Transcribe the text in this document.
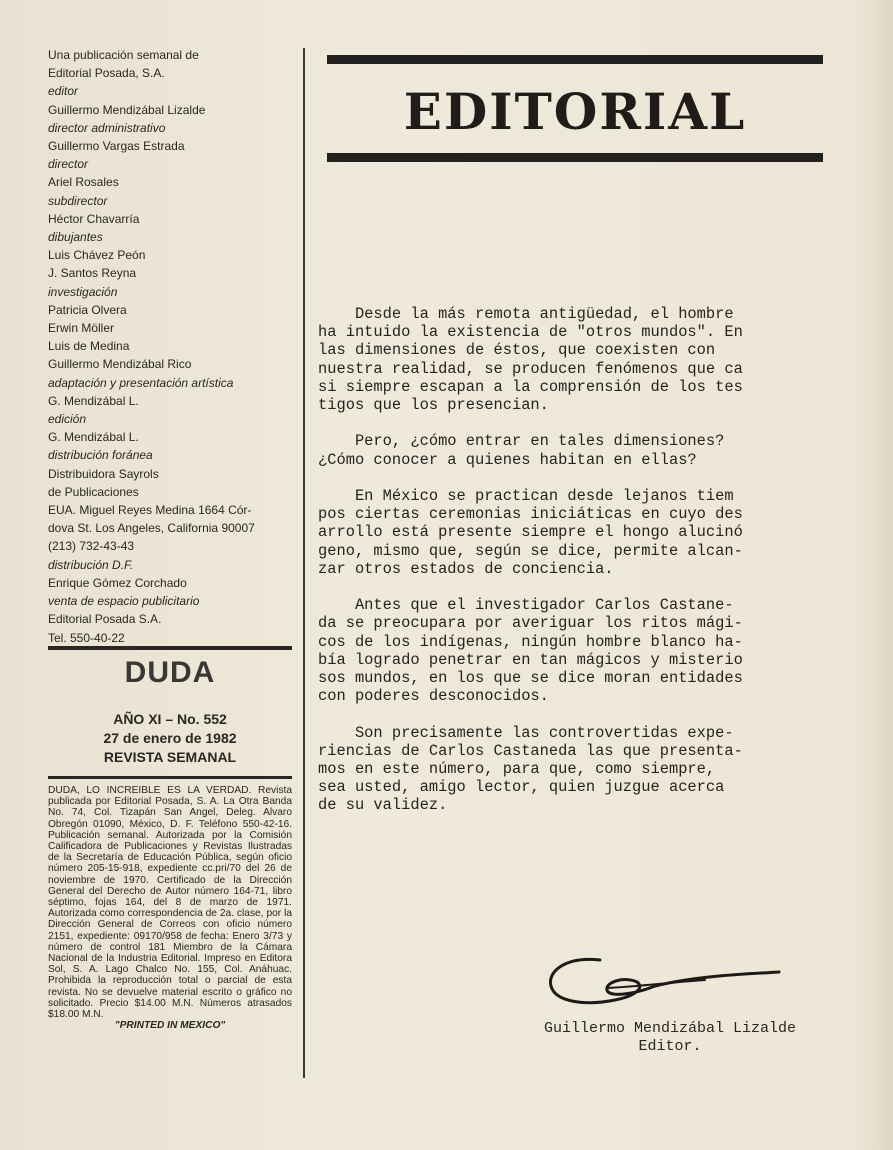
Una publicación semanal de
Editorial Posada, S.A.
editor
Guillermo Mendizábal Lizalde
director administrativo
Guillermo Vargas Estrada
director
Ariel Rosales
subdirector
Héctor Chavarría
dibujantes
Luis Chávez Peón
J. Santos Reyna
investigación
Patricia Olvera
Erwin Möller
Luis de Medina
Guillermo Mendizábal Rico
adaptación y presentación artística
G. Mendizábal L.
edición
G. Mendizábal L.
distribución foránea
Distribuidora Sayrols
de Publicaciones
EUA. Miguel Reyes Medina 1664 Cór-
dova St. Los Angeles, California 90007
(213) 732-43-43
distribución D.F.
Enrique Gómez Corchado
venta de espacio publicitario
Editorial Posada S.A.
Tel. 550-40-22
DUDA
AÑO XI – No. 552
27 de enero de 1982
REVISTA SEMANAL
DUDA, LO INCREIBLE ES LA VERDAD. Revista publicada por Editorial Posada, S. A. La Otra Banda No. 74, Col. Tizapán San Angel, Deleg. Alvaro Obregón 01090, México, D. F. Teléfono 550-42-16. Publicación semanal. Autorizada por la Comisión Calificadora de Publicaciones y Revistas Ilustradas de la Secretaría de Educación Pública, según oficio número 205-15-918, expediente cc.pri/70 del 26 de noviembre de 1970. Certificado de la Dirección General del Derecho de Autor número 164-71, libro séptimo, fojas 164, del 8 de marzo de 1971. Autorizada como correspondencia de 2a. clase, por la Dirección General de Correos con oficio número 2151, expediente: 09170/958 de fecha: Enero 3/73 y número de control 181 Miembro de la Cámara Nacional de la Industria Editorial. Impreso en Editora Sol, S. A. Lago Chalco No. 155, Col. Anáhuac. Prohibida la reproducción total o parcial de esta revista. No se devuelve material escrito o gráfico no solicitado. Precio $14.00 M.N. Números atrasados $18.00 M.N.
"PRINTED IN MEXICO"
EDITORIAL

Desde la más remota antigüedad, el hombre
ha intuido la existencia de "otros mundos". En
las dimensiones de éstos, que coexisten con
nuestra realidad, se producen fenómenos que ca
si siempre escapan a la comprensión de los tes
tigos que los presencian.

Pero, ¿cómo entrar en tales dimensiones?
¿Cómo conocer a quienes habitan en ellas?

En México se practican desde lejanos tiem
pos ciertas ceremonias iniciáticas en cuyo des
arrollo está presente siempre el hongo alucinó
geno, mismo que, según se dice, permite alcan-
zar otros estados de conciencia.

Antes que el investigador Carlos Castane-
da se preocupara por averiguar los ritos mági-
cos de los indígenas, ningún hombre blanco ha-
bía logrado penetrar en tan mágicos y misterio
sos mundos, en los que se dice moran entidades
con poderes desconocidos.

Son precisamente las controvertidas expe-
riencias de Carlos Castaneda las que presenta-
mos en este número, para que, como siempre,
sea usted, amigo lector, quien juzgue acerca
de su validez.

Guillermo Mendizábal Lizalde
Editor.
